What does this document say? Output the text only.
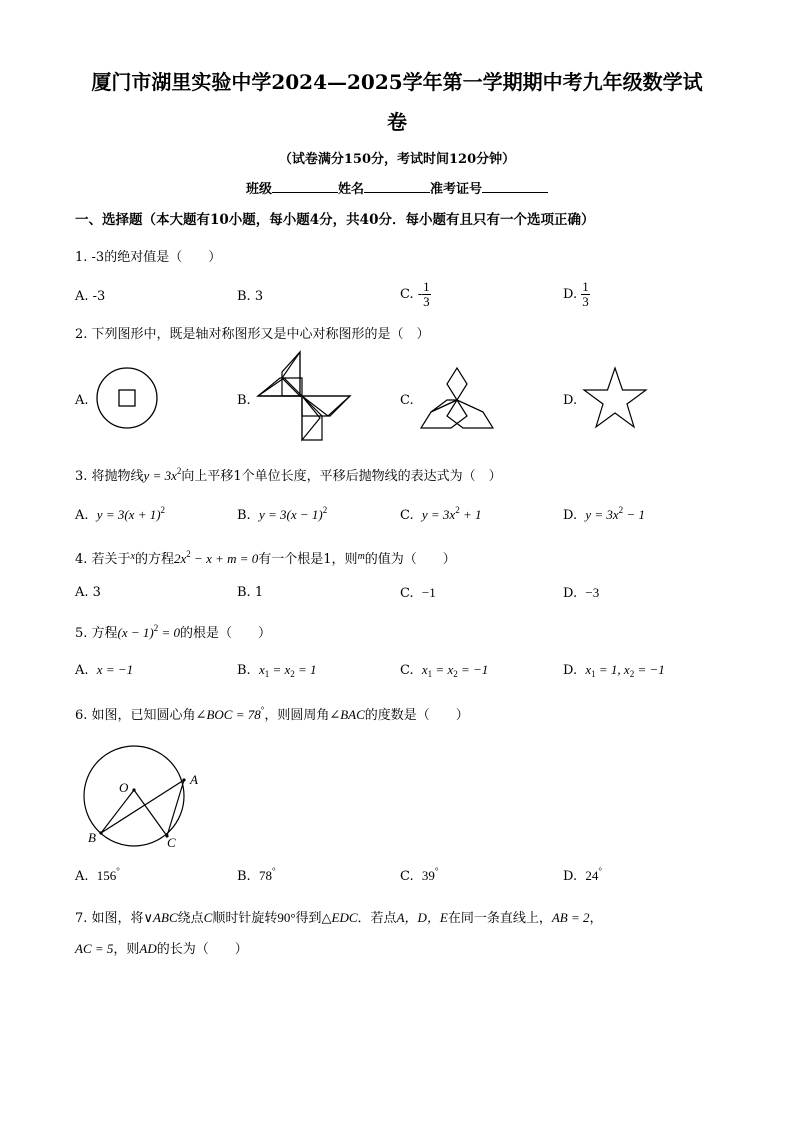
厦门市湖里实验中学2024—2025学年第一学期期中考九年级数学试
卷
（试卷满分150分，考试时间120分钟）
班级	姓名	准考证号
一、选择题（本大题有10小题，每小题4分，共40分．每小题有且只有一个选项正确）
1. -3的绝对值是（　　）
A. -3	B. 3	C. - $\frac{1}{3}$	D. $\frac{1}{3}$
2. 下列图形中，既是轴对称图形又是中心对称图形的是（　）
A.	B.	C.	D.
3. 将抛物线$y = 3x^2$向上平移1个单位长度，平移后抛物线的表达式为（　）
A. $y = 3(x + 1)^2$	B. $y = 3(x - 1)^2$	C. $y = 3x^2 + 1$	D. $y = 3x^2 - 1$
4. 若关于$^x$的方程$2x^2 - x + m = 0$有一个根是1，则$^m$的值为（　　）
A. 3	B. 1	C. −1	D. −3
5. 方程$(x - 1)^2 = 0$的根是（　　）
A. x = −1	B. $x_1 = x_2 = 1$	C. $x_1 = x_2 = -1$	D. $x_1 = 1$, $x_2 = -1$
6. 如图，已知圆心角∠BOC = 78°，则圆周角∠BAC的度数是（　　）
O
A
B	C
A. 156°	B. 78°	C. 39°	D. 24°
7. 如图，将∨ABC绕点C顺时针旋转90°得到△EDC．若点A，D，E在同一条直线上，AB = 2，
AC = 5，则AD的长为（　　）
